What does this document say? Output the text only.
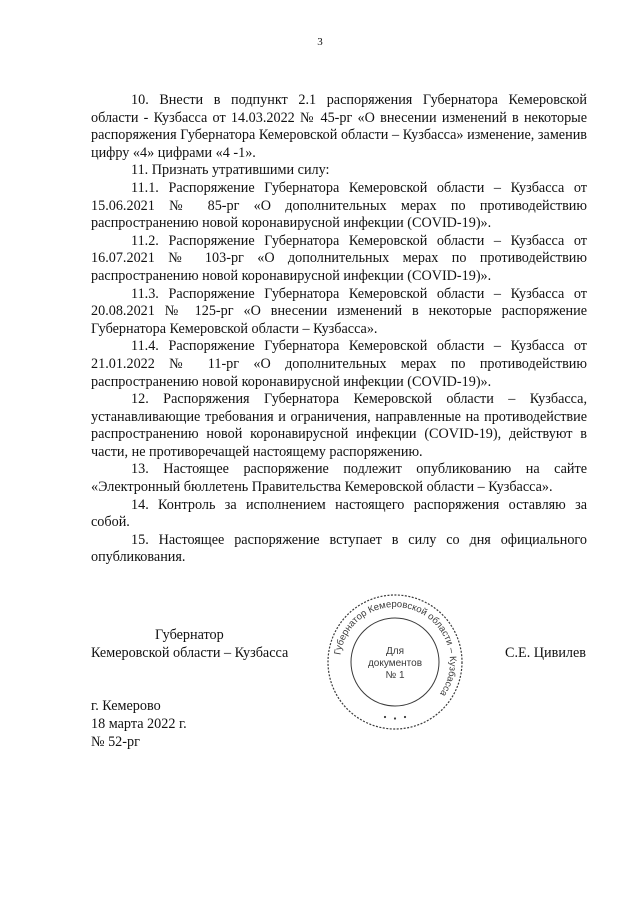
3

10. Внести в подпункт 2.1 распоряжения Губернатора Кемеровской области - Кузбасса от 14.03.2022 № 45-рг «О внесении изменений в некоторые распоряжения Губернатора Кемеровской области – Кузбасса» изменение, заменив цифру «4» цифрами «4 -1».

11. Признать утратившими силу:

11.1. Распоряжение Губернатора Кемеровской области – Кузбасса от 15.06.2021 № 85-рг «О дополнительных мерах по противодействию распространению новой коронавирусной инфекции (COVID-19)».

11.2. Распоряжение Губернатора Кемеровской области – Кузбасса от 16.07.2021 № 103-рг «О дополнительных мерах по противодействию распространению новой коронавирусной инфекции (COVID-19)».

11.3. Распоряжение Губернатора Кемеровской области – Кузбасса от 20.08.2021 № 125-рг «О внесении изменений в некоторые распоряжение Губернатора Кемеровской области – Кузбасса».

11.4. Распоряжение Губернатора Кемеровской области – Кузбасса от 21.01.2022 № 11-рг «О дополнительных мерах по противодействию распространению новой коронавирусной инфекции (COVID-19)».

12. Распоряжения Губернатора Кемеровской области – Кузбасса, устанавливающие требования и ограничения, направленные на противодействие распространению новой коронавирусной инфекции (COVID-19), действуют в части, не противоречащей настоящему распоряжению.

13. Настоящее распоряжение подлежит опубликованию на сайте «Электронный бюллетень Правительства Кемеровской области – Кузбасса».

14. Контроль за исполнением настоящего распоряжения оставляю за собой.

15. Настоящее распоряжение вступает в силу со дня официального опубликования.

Губернатор
Кемеровской области – Кузбасса	С.Е. Цивилев
Губернатор Кемеровской области – Кузбасса
Для
документов
№ 1
г. Кемерово
18 марта 2022 г.
№ 52-рг
